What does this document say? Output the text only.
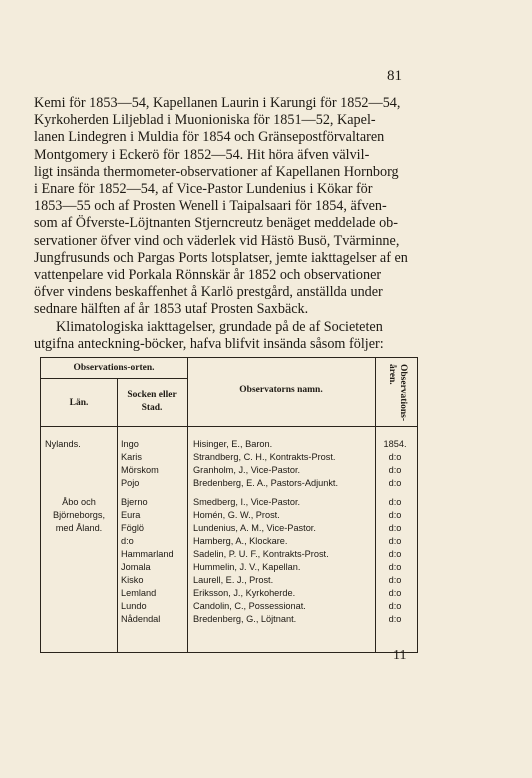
81
Kemi för 1853—54, Kapellanen Laurin i Karungi för 1852—54,
Kyrkoherden Liljeblad i Muonioniska för 1851—52, Kapel-
lanen Lindegren i Muldia för 1854 och Gränsepostförvaltaren
Montgomery i Eckerö för 1852—54. Hit höra äfven välvil-
ligt insända thermometer-observationer af Kapellanen Hornborg
i Enare för 1852—54, af Vice-Pastor Lundenius i Kökar för
1853—55 och af Prosten Wenell i Taipalsaari för 1854, äfven-
som af Öfverste-Löjtnanten Stjerncreutz benäget meddelade ob-
servationer öfver vind och väderlek vid Hästö Busö, Tvärminne,
Jungfrusunds och Pargas Ports lotsplatser, jemte iakttagelser af en
vattenpelare vid Porkala Rönnskär år 1852 och observationer
öfver vindens beskaffenhet å Karlö prestgård, anställda under
sednare hälften af år 1853 utaf Prosten Saxbäck.
Klimatologiska iakttagelser, grundade på de af Societeten
utgifna anteckning-böcker, hafva blifvit insända såsom följer:
Observations-orten.
Län.
Socken eller
Stad.
Observatorns namn.	Observations-
åren.
Nylands.	Ingo	Hisinger, E., Baron.	1854.
Karis	Strandberg, C. H., Kontrakts-Prost.	d:o
Mörskom	Granholm, J., Vice-Pastor.	d:o
Pojo	Bredenberg, E. A., Pastors-Adjunkt.	d:o
Åbo och	Bjerno	Smedberg, I., Vice-Pastor.	d:o
Björneborgs,	Eura	Homén, G. W., Prost.	d:o
med Åland.	Föglö	Lundenius, A. M., Vice-Pastor.	d:o
d:o	Hamberg, A., Klockare.	d:o
Hammarland Sadelin, P. U. F., Kontrakts-Prost.	d:o
Jomala	Hummelin, J. V., Kapellan.	d:o
Kisko	Laurell, E. J., Prost.	d:o
Lemland	Eriksson, J., Kyrkoherde.	d:o
Lundo	Candolin, C., Possessionat.	d:o
Nådendal	Bredenberg, G., Löjtnant.	d:o
11
